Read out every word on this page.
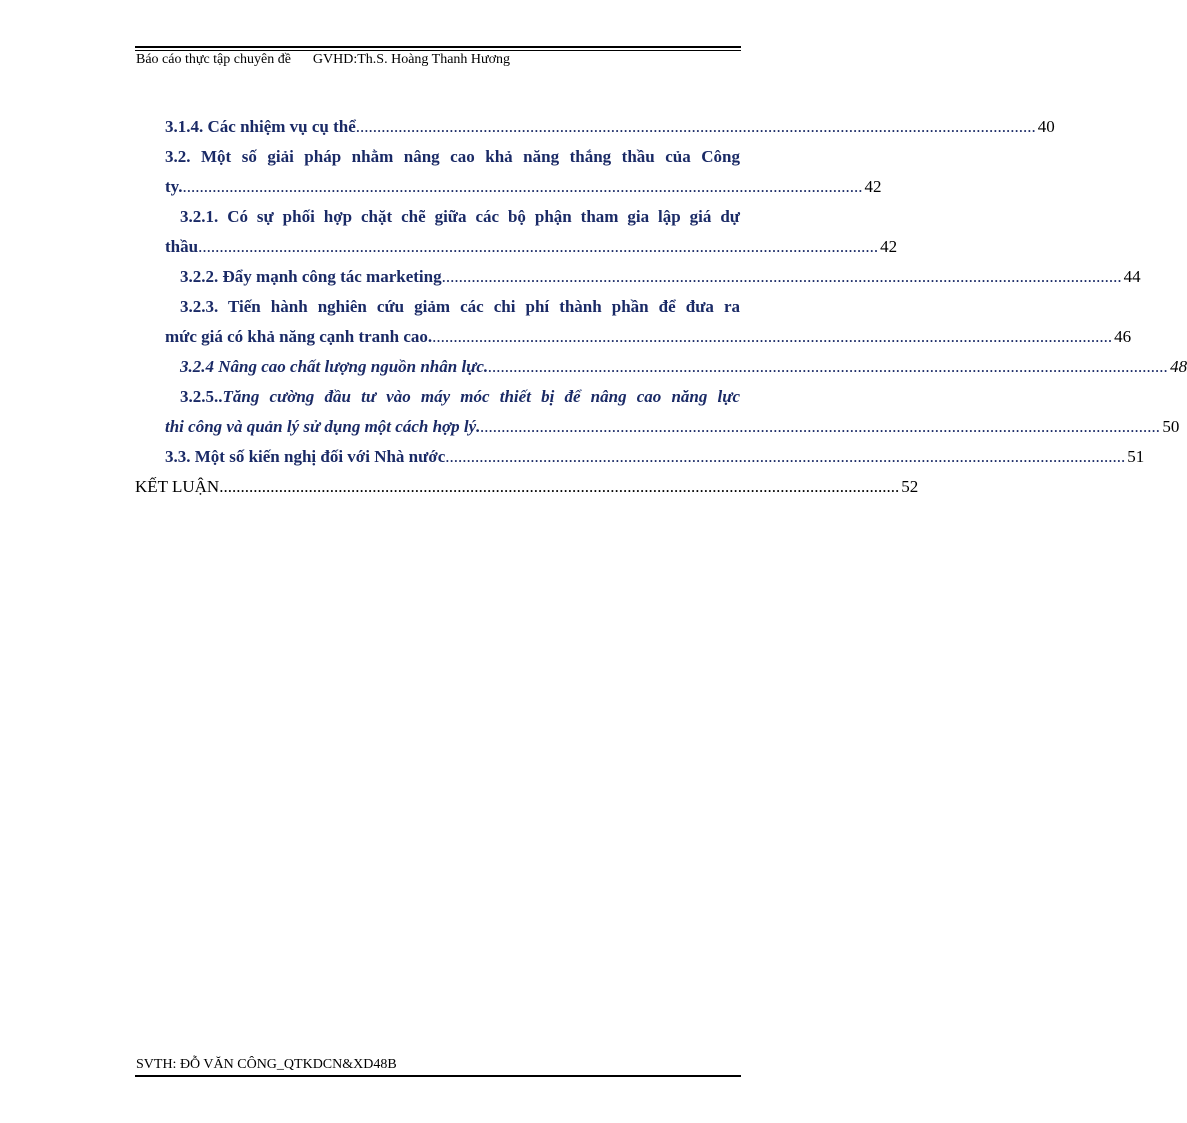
Báo cáo thực tập chuyên đề GVHD:Th.S. Hoàng Thanh Hương
3.1.4. Các nhiệm vụ cụ thể ................................................................................................................................................................ 40
3.2. Một số giải pháp nhằm nâng cao khả năng thắng thầu của Công
ty. ................................................................................................................................................................ 42
3.2.1. Có sự phối hợp chặt chẽ giữa các bộ phận tham gia lập giá dự
thầu ................................................................................................................................................................ 42
3.2.2. Đẩy mạnh công tác marketing ................................................................................................................................................................ 44
3.2.3. Tiến hành nghiên cứu giảm các chi phí thành phần để đưa ra
mức giá có khả năng cạnh tranh cao. ................................................................................................................................................................ 46
3.2.4 Nâng cao chất lượng nguồn nhân lực. ................................................................................................................................................................ 48
3.2.5..Tăng cường đầu tư vào máy móc thiết bị để nâng cao năng lực
thi công và quản lý sử dụng một cách hợp lý. ................................................................................................................................................................ 50
3.3. Một số kiến nghị đối với Nhà nước ................................................................................................................................................................ 51
KẾT LUẬN ................................................................................................................................................................ 52
SVTH: ĐỖ VĂN CÔNG_QTKDCN&XD48B
